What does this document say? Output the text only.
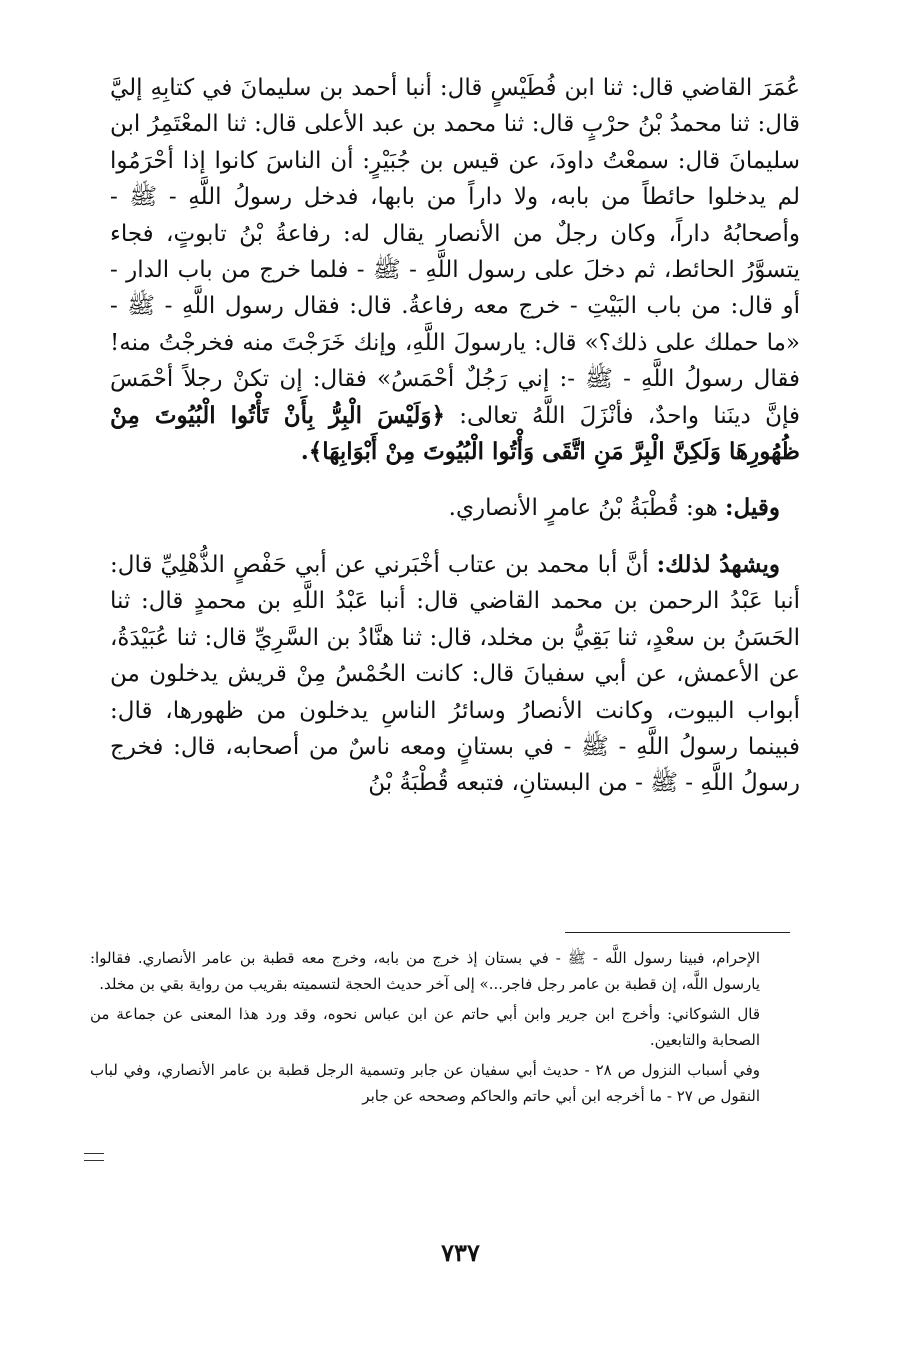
عُمَرَ القاضي قال: ثنا ابن فُطَيْسٍ قال: أنبا أحمد بن سليمانَ في كتابِهِ إليَّ قال: ثنا محمدُ بْنُ حرْبٍ قال: ثنا محمد بن عبد الأعلى قال: ثنا المعْتَمِرُ ابن سليمانَ قال: سمعْتُ داودَ، عن قيس بن جُبَيْرٍ: أن الناسَ كانوا إذا أحْرَمُوا لم يدخلوا حائطاً من بابه، ولا داراً من بابها، فدخل رسولُ اللَّهِ - ﷺ - وأصحابُهُ داراً، وكان رجلٌ من الأنصار يقال له: رفاعةُ بْنُ تابوتٍ، فجاء يتسوَّرُ الحائط، ثم دخلَ على رسول اللَّهِ - ﷺ - فلما خرج من باب الدار - أو قال: من باب البَيْتِ - خرج معه رفاعةُ. قال: فقال رسول اللَّهِ - ﷺ - «ما حملك على ذلك؟» قال: يارسولَ اللَّهِ، وإنك خَرَجْتَ منه فخرجْتُ منه! فقال رسولُ اللَّهِ - ﷺ -: إني رَجُلٌ أحْمَسُ» فقال: إن تكنْ رجلاً أحْمَسَ فإنَّ دينَنا واحدٌ، فأنْزَلَ اللَّهُ تعالى: ﴿وَلَيْسَ الْبِرُّ بِأَنْ تَأْتُوا الْبُيُوتَ مِنْ ظُهُورِهَا وَلَكِنَّ الْبِرَّ مَنِ اتَّقَى وَأْتُوا الْبُيُوتَ مِنْ أَبْوَابِهَا﴾.

وقيل: هو: قُطْبَةُ بْنُ عامرٍ الأنصاري.

ويشهدُ لذلك: أنَّ أبا محمد بن عتاب أخْبَرني عن أبي حَفْصٍ الذُّهْلِيِّ قال: أنبا عَبْدُ الرحمن بن محمد القاضي قال: أنبا عَبْدُ اللَّهِ بن محمدٍ قال: ثنا الحَسَنُ بن سعْدٍ، ثنا بَقِيُّ بن مخلد، قال: ثنا هنَّادُ بن السَّرِيِّ قال: ثنا عُبَيْدَةُ، عن الأعمش، عن أبي سفيانَ قال: كانت الحُمْسُ مِنْ قريش يدخلون من أبواب البيوت، وكانت الأنصارُ وسائرُ الناسِ يدخلون من ظهورها، قال: فبينما رسولُ اللَّهِ - ﷺ - في بستانٍ ومعه ناسٌ من أصحابه، قال: فخرج رسولُ اللَّهِ - ﷺ - من البستانِ، فتبعه قُطْبَةُ بْنُ

الإحرام، فبينا رسول اللَّه - ﷺ - في بستان إذ خرج من بابه، وخرج معه قطبة بن عامر الأنصاري. فقالوا: يارسول اللَّه، إن قطبة بن عامر رجل فاجر...» إلى آخر حديث الحجة لتسميته بقريب من رواية بقي بن مخلد.

قال الشوكاني: وأخرج ابن جرير وابن أبي حاتم عن ابن عباس نحوه، وقد ورد هذا المعنى عن جماعة من الصحابة والتابعين.

وفي أسباب النزول ص ٢٨ - حديث أبي سفيان عن جابر وتسمية الرجل قطبة بن عامر الأنصاري، وفي لباب النقول ص ٢٧ - ما أخرجه ابن أبي حاتم والحاكم وصححه عن جابر

٧٣٧
